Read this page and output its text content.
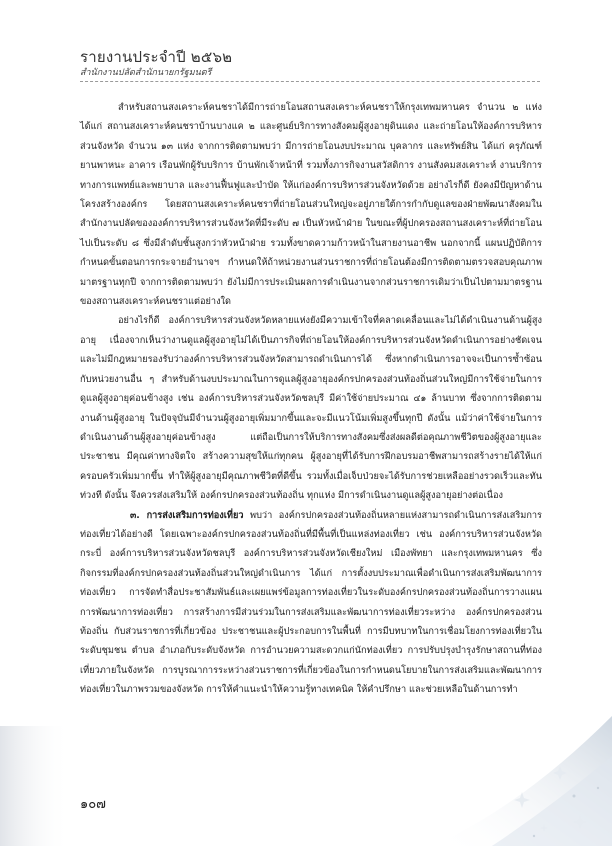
รายงานประจำปี ๒๕๖๒
สำนักงานปลัดสำนักนายกรัฐมนตรี

สำหรับสถานสงเคราะห์คนชราได้มีการถ่ายโอนสถานสงเคราะห์คนชราให้กรุงเทพมหานคร จำนวน ๒ แห่ง ได้แก่ สถานสงเคราะห์คนชราบ้านบางแค ๒ และศูนย์บริการทางสังคมผู้สูงอายุดินแดง และถ่ายโอนให้องค์การบริหารส่วนจังหวัด จำนวน ๑๓ แห่ง จากการติดตามพบว่า มีการถ่ายโอนงบประมาณ บุคลากร และทรัพย์สิน ได้แก่ ครุภัณฑ์ ยานพาหนะ อาคาร เรือนพักผู้รับบริการ บ้านพักเจ้าหน้าที่ รวมทั้งภารกิจงานสวัสดิการ งานสังคมสงเคราะห์ งานบริการทางการแพทย์และพยาบาล และงานฟื้นฟูและบำบัด ให้แก่องค์การบริหารส่วนจังหวัดด้วย อย่างไรก็ดี ยังคงมีปัญหาด้านโครงสร้างองค์กร โดยสถานสงเคราะห์คนชราที่ถ่ายโอนส่วนใหญ่จะอยู่ภายใต้การกำกับดูแลของฝ่ายพัฒนาสังคมในสำนักงานปลัดขององค์การบริหารส่วนจังหวัดที่มีระดับ ๗ เป็นหัวหน้าฝ่าย ในขณะที่ผู้ปกครองสถานสงเคราะห์ที่ถ่ายโอนไปเป็นระดับ ๘ ซึ่งมีลำดับชั้นสูงกว่าหัวหน้าฝ่าย รวมทั้งขาดความก้าวหน้าในสายงานอาชีพ นอกจากนี้ แผนปฏิบัติการกำหนดขั้นตอนการกระจายอำนาจฯ กำหนดให้ถ้าหน่วยงานส่วนราชการที่ถ่ายโอนต้องมีการติดตามตรวจสอบคุณภาพมาตรฐานทุกปี จากการติดตามพบว่า ยังไม่มีการประเมินผลการดำเนินงานจากส่วนราชการเดิมว่าเป็นไปตามมาตรฐานของสถานสงเคราะห์คนชราแต่อย่างใด

อย่างไรก็ดี องค์การบริหารส่วนจังหวัดหลายแห่งยังมีความเข้าใจที่คลาดเคลื่อนและไม่ได้ดำเนินงานด้านผู้สูงอายุ เนื่องจากเห็นว่างานดูแลผู้สูงอายุไม่ได้เป็นภารกิจที่ถ่ายโอนให้องค์การบริหารส่วนจังหวัดดำเนินการอย่างชัดเจน และไม่มีกฎหมายรองรับว่าองค์การบริหารส่วนจังหวัดสามารถดำเนินการได้ ซึ่งหากดำเนินการอาจจะเป็นการซ้ำซ้อนกับหน่วยงานอื่น ๆ สำหรับด้านงบประมาณในการดูแลผู้สูงอายุองค์กรปกครองส่วนท้องถิ่นส่วนใหญ่มีการใช้จ่ายในการดูแลผู้สูงอายุค่อนข้างสูง เช่น องค์การบริหารส่วนจังหวัดชลบุรี มีค่าใช้จ่ายประมาณ ๔๑ ล้านบาท ซึ่งจากการติดตามงานด้านผู้สูงอายุ ในปัจจุบันมีจำนวนผู้สูงอายุเพิ่มมากขึ้นและจะมีแนวโน้มเพิ่มสูงขึ้นทุกปี ดังนั้น แม้ว่าค่าใช้จ่ายในการดำเนินงานด้านผู้สูงอายุค่อนข้างสูง แต่ถือเป็นการให้บริการทางสังคมซึ่งส่งผลดีต่อคุณภาพชีวิตของผู้สูงอายุและประชาชน มีคุณค่าทางจิตใจ สร้างความสุขให้แก่ทุกคน ผู้สูงอายุที่ได้รับการฝึกอบรมอาชีพสามารถสร้างรายได้ให้แก่ครอบครัวเพิ่มมากขึ้น ทำให้ผู้สูงอายุมีคุณภาพชีวิตที่ดีขึ้น รวมทั้งเมื่อเจ็บป่วยจะได้รับการช่วยเหลืออย่างรวดเร็วและทันท่วงที ดังนั้น จึงควรส่งเสริมให้ องค์กรปกครองส่วนท้องถิ่น ทุกแห่ง มีการดำเนินงานดูแลผู้สูงอายุอย่างต่อเนื่อง

๓. การส่งเสริมการท่องเที่ยว พบว่า องค์กรปกครองส่วนท้องถิ่นหลายแห่งสามารถดำเนินการส่งเสริมการท่องเที่ยวได้อย่างดี โดยเฉพาะองค์กรปกครองส่วนท้องถิ่นที่มีพื้นที่เป็นแหล่งท่องเที่ยว เช่น องค์การบริหารส่วนจังหวัดกระบี่ องค์การบริหารส่วนจังหวัดชลบุรี องค์การบริหารส่วนจังหวัดเชียงใหม่ เมืองพัทยา และกรุงเทพมหานคร ซึ่งกิจกรรมที่องค์กรปกครองส่วนท้องถิ่นส่วนใหญ่ดำเนินการ ได้แก่ การตั้งงบประมาณเพื่อดำเนินการส่งเสริมพัฒนาการท่องเที่ยว การจัดทำสื่อประชาสัมพันธ์และเผยแพร่ข้อมูลการท่องเที่ยวในระดับองค์กรปกครองส่วนท้องถิ่นการวางแผนการพัฒนาการท่องเที่ยว การสร้างการมีส่วนร่วมในการส่งเสริมและพัฒนาการท่องเที่ยวระหว่าง องค์กรปกครองส่วนท้องถิ่น กับส่วนราชการที่เกี่ยวข้อง ประชาชนและผู้ประกอบการในพื้นที่ การมีบทบาทในการเชื่อมโยงการท่องเที่ยวในระดับชุมชน ตำบล อำเภอกับระดับจังหวัด การอำนวยความสะดวกแก่นักท่องเที่ยว การปรับปรุงบำรุงรักษาสถานที่ท่องเที่ยวภายในจังหวัด การบูรณาการระหว่างส่วนราชการที่เกี่ยวข้องในการกำหนดนโยบายในการส่งเสริมและพัฒนาการท่องเที่ยวในภาพรวมของจังหวัด การให้คำแนะนำให้ความรู้ทางเทคนิค ให้คำปรึกษา และช่วยเหลือในด้านการทำ

๑๐๗
